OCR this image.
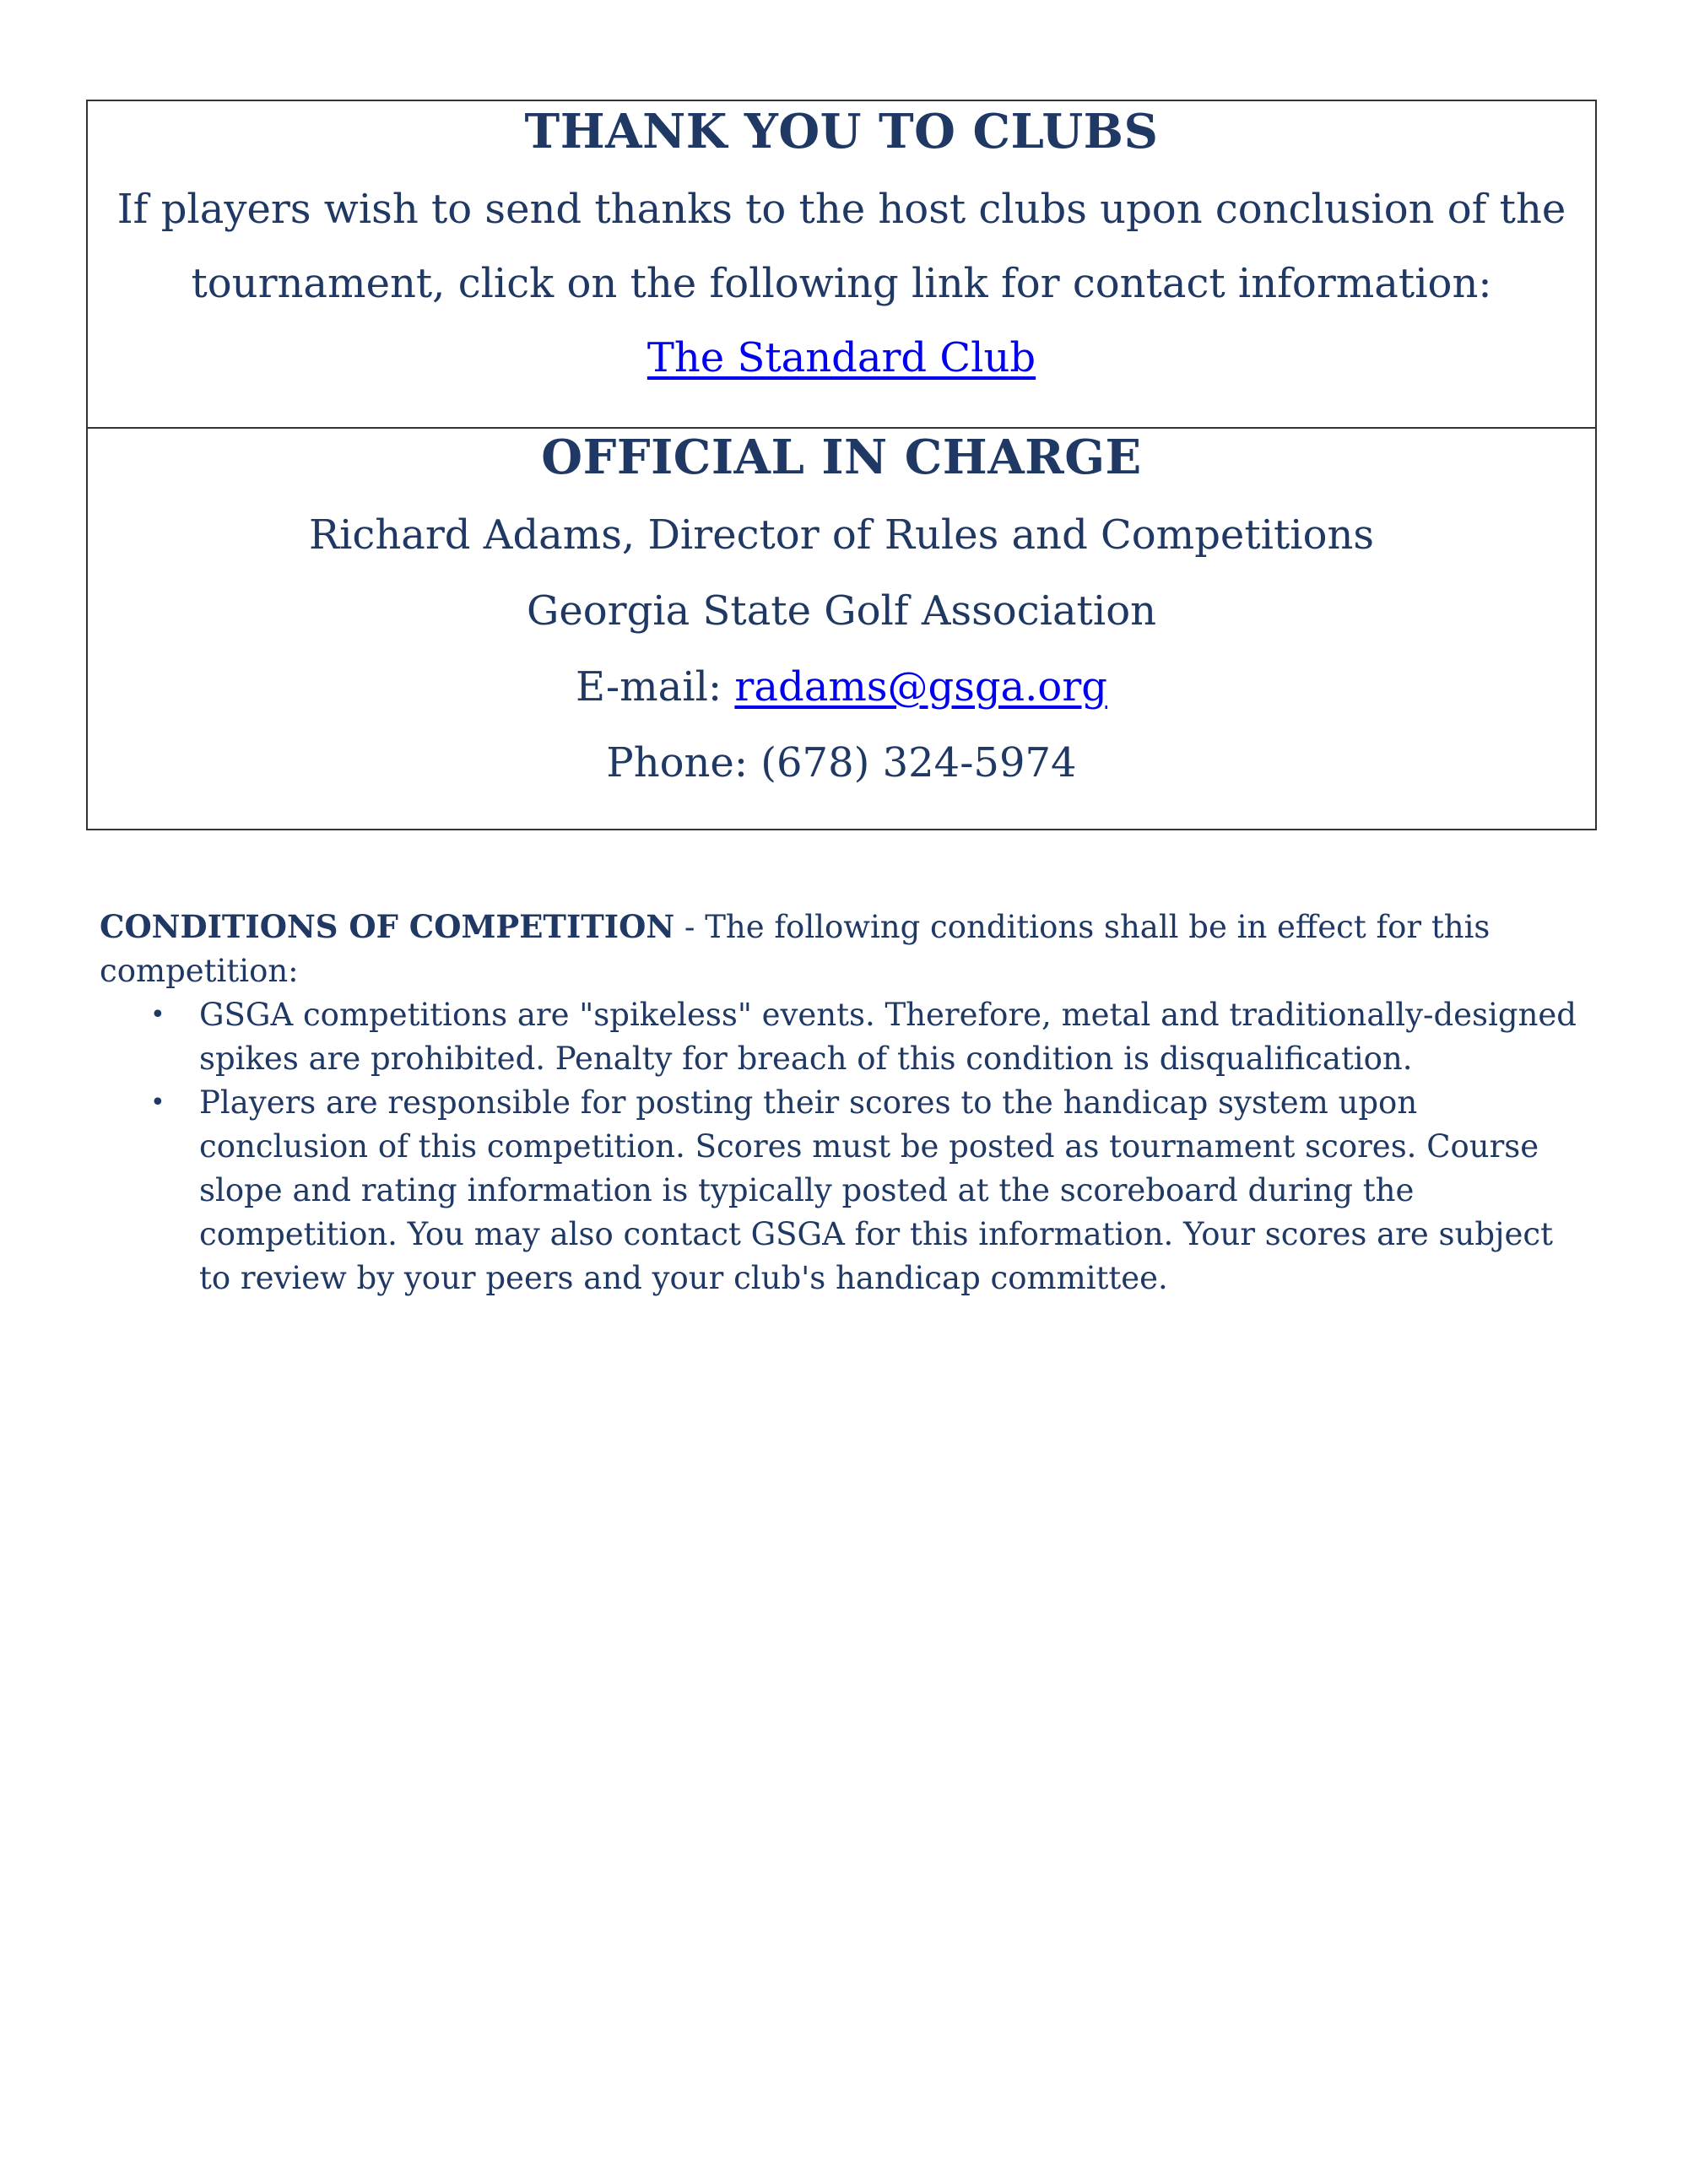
THANK YOU TO CLUBS
If players wish to send thanks to the host clubs upon conclusion of the
tournament, click on the following link for contact information:
The Standard Club
OFFICIAL IN CHARGE
Richard Adams, Director of Rules and Competitions
Georgia State Golf Association
E-mail: radams@gsga.org
Phone: (678) 324-5974

CONDITIONS OF COMPETITION - The following conditions shall be in effect for this competition:

• GSGA competitions are "spikeless" events. Therefore, metal and traditionally-designed spikes are prohibited. Penalty for breach of this condition is disqualification.
• Players are responsible for posting their scores to the handicap system upon conclusion of this competition. Scores must be posted as tournament scores. Course slope and rating information is typically posted at the scoreboard during the competition. You may also contact GSGA for this information. Your scores are subject to review by your peers and your club's handicap committee.
